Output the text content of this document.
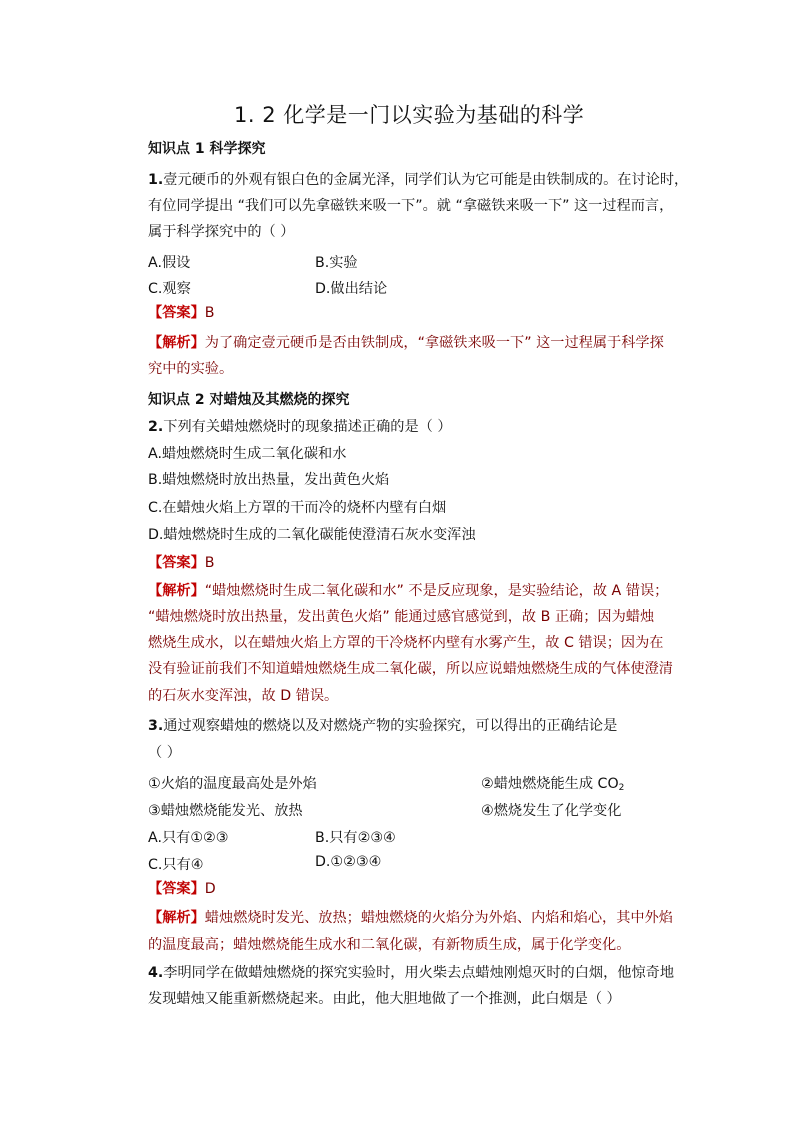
1. 2 化学是一门以实验为基础的科学
知识点 1 科学探究
1.壹元硬币的外观有银白色的金属光泽，同学们认为它可能是由铁制成的。在讨论时，
有位同学提出 “我们可以先拿磁铁来吸一下”。就 “拿磁铁来吸一下” 这一过程而言，
属于科学探究中的（ ）
A.假设	B.实验
C.观察	D.做出结论
【答案】B
【解析】为了确定壹元硬币是否由铁制成，“拿磁铁来吸一下” 这一过程属于科学探
究中的实验。
知识点 2 对蜡烛及其燃烧的探究
2.下列有关蜡烛燃烧时的现象描述正确的是（ ）
A.蜡烛燃烧时生成二氧化碳和水
B.蜡烛燃烧时放出热量，发出黄色火焰
C.在蜡烛火焰上方罩的干而冷的烧杯内壁有白烟
D.蜡烛燃烧时生成的二氧化碳能使澄清石灰水变浑浊
【答案】B
【解析】“蜡烛燃烧时生成二氧化碳和水” 不是反应现象，是实验结论，故 A 错误；
“蜡烛燃烧时放出热量，发出黄色火焰” 能通过感官感觉到，故 B 正确；因为蜡烛
燃烧生成水，以在蜡烛火焰上方罩的干冷烧杯内壁有水雾产生，故 C 错误；因为在
没有验证前我们不知道蜡烛燃烧生成二氧化碳，所以应说蜡烛燃烧生成的气体使澄清
的石灰水变浑浊，故 D 错误。
3.通过观察蜡烛的燃烧以及对燃烧产物的实验探究，可以得出的正确结论是
（ ）
①火焰的温度最高处是外焰	②蜡烛燃烧能生成 $CO_2$
③蜡烛燃烧能发光、放热	④燃烧发生了化学变化
A.只有①②③	B.只有②③④
C.只有④	D.①②③④
【答案】D
【解析】蜡烛燃烧时发光、放热；蜡烛燃烧的火焰分为外焰、内焰和焰心，其中外焰
的温度最高；蜡烛燃烧能生成水和二氧化碳，有新物质生成，属于化学变化。
4.李明同学在做蜡烛燃烧的探究实验时，用火柴去点蜡烛刚熄灭时的白烟，他惊奇地
发现蜡烛又能重新燃烧起来。由此，他大胆地做了一个推测，此白烟是（ ）
